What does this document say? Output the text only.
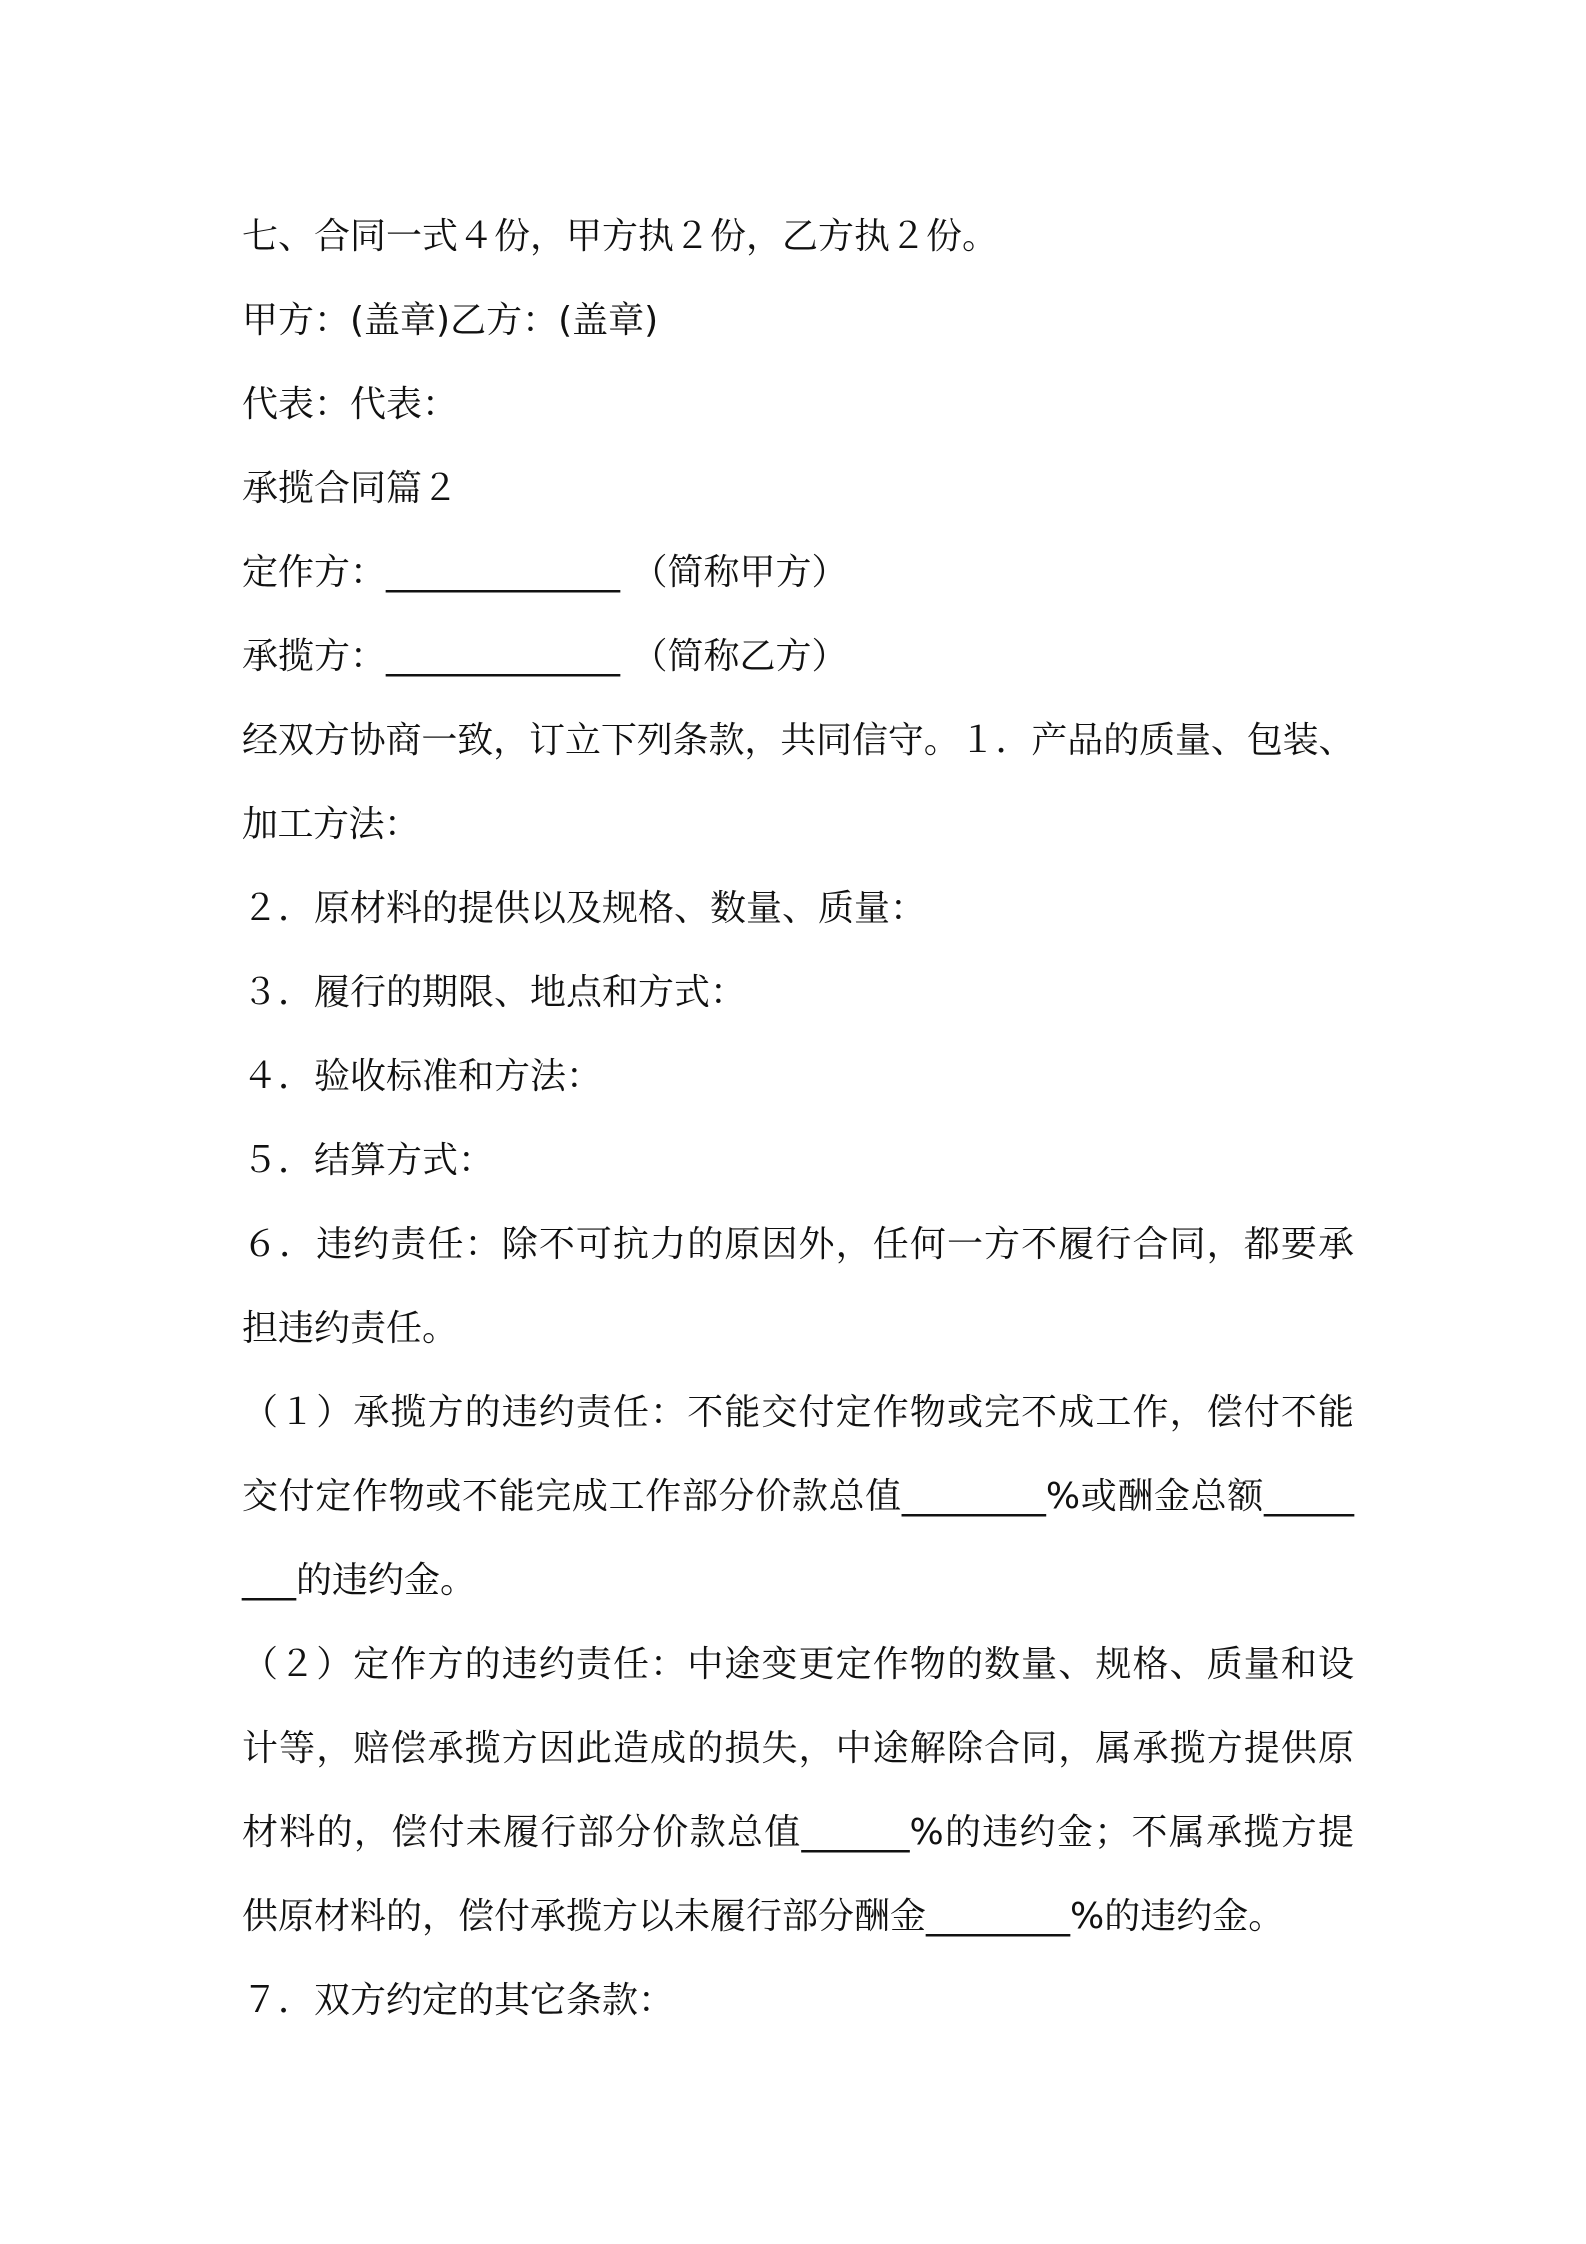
七、合同一式４份，甲方执２份，乙方执２份。

甲方：(盖章)乙方：(盖章)

代表：代表：

承揽合同篇２

定作方：_____________ （简称甲方）

承揽方：_____________ （简称乙方）

经双方协商一致，订立下列条款，共同信守。１．产品的质量、包装、加工方法：

２．原材料的提供以及规格、数量、质量：

３．履行的期限、地点和方式：

４．验收标准和方法：

５．结算方式：

６．违约责任：除不可抗力的原因外，任何一方不履行合同，都要承担违约责任。

（１）承揽方的违约责任：不能交付定作物或完不成工作，偿付不能交付定作物或不能完成工作部分价款总值________%或酬金总额________的违约金。

（２）定作方的违约责任：中途变更定作物的数量、规格、质量和设计等，赔偿承揽方因此造成的损失，中途解除合同，属承揽方提供原材料的，偿付未履行部分价款总值______%的违约金；不属承揽方提供原材料的，偿付承揽方以未履行部分酬金________%的违约金。

７．双方约定的其它条款：
